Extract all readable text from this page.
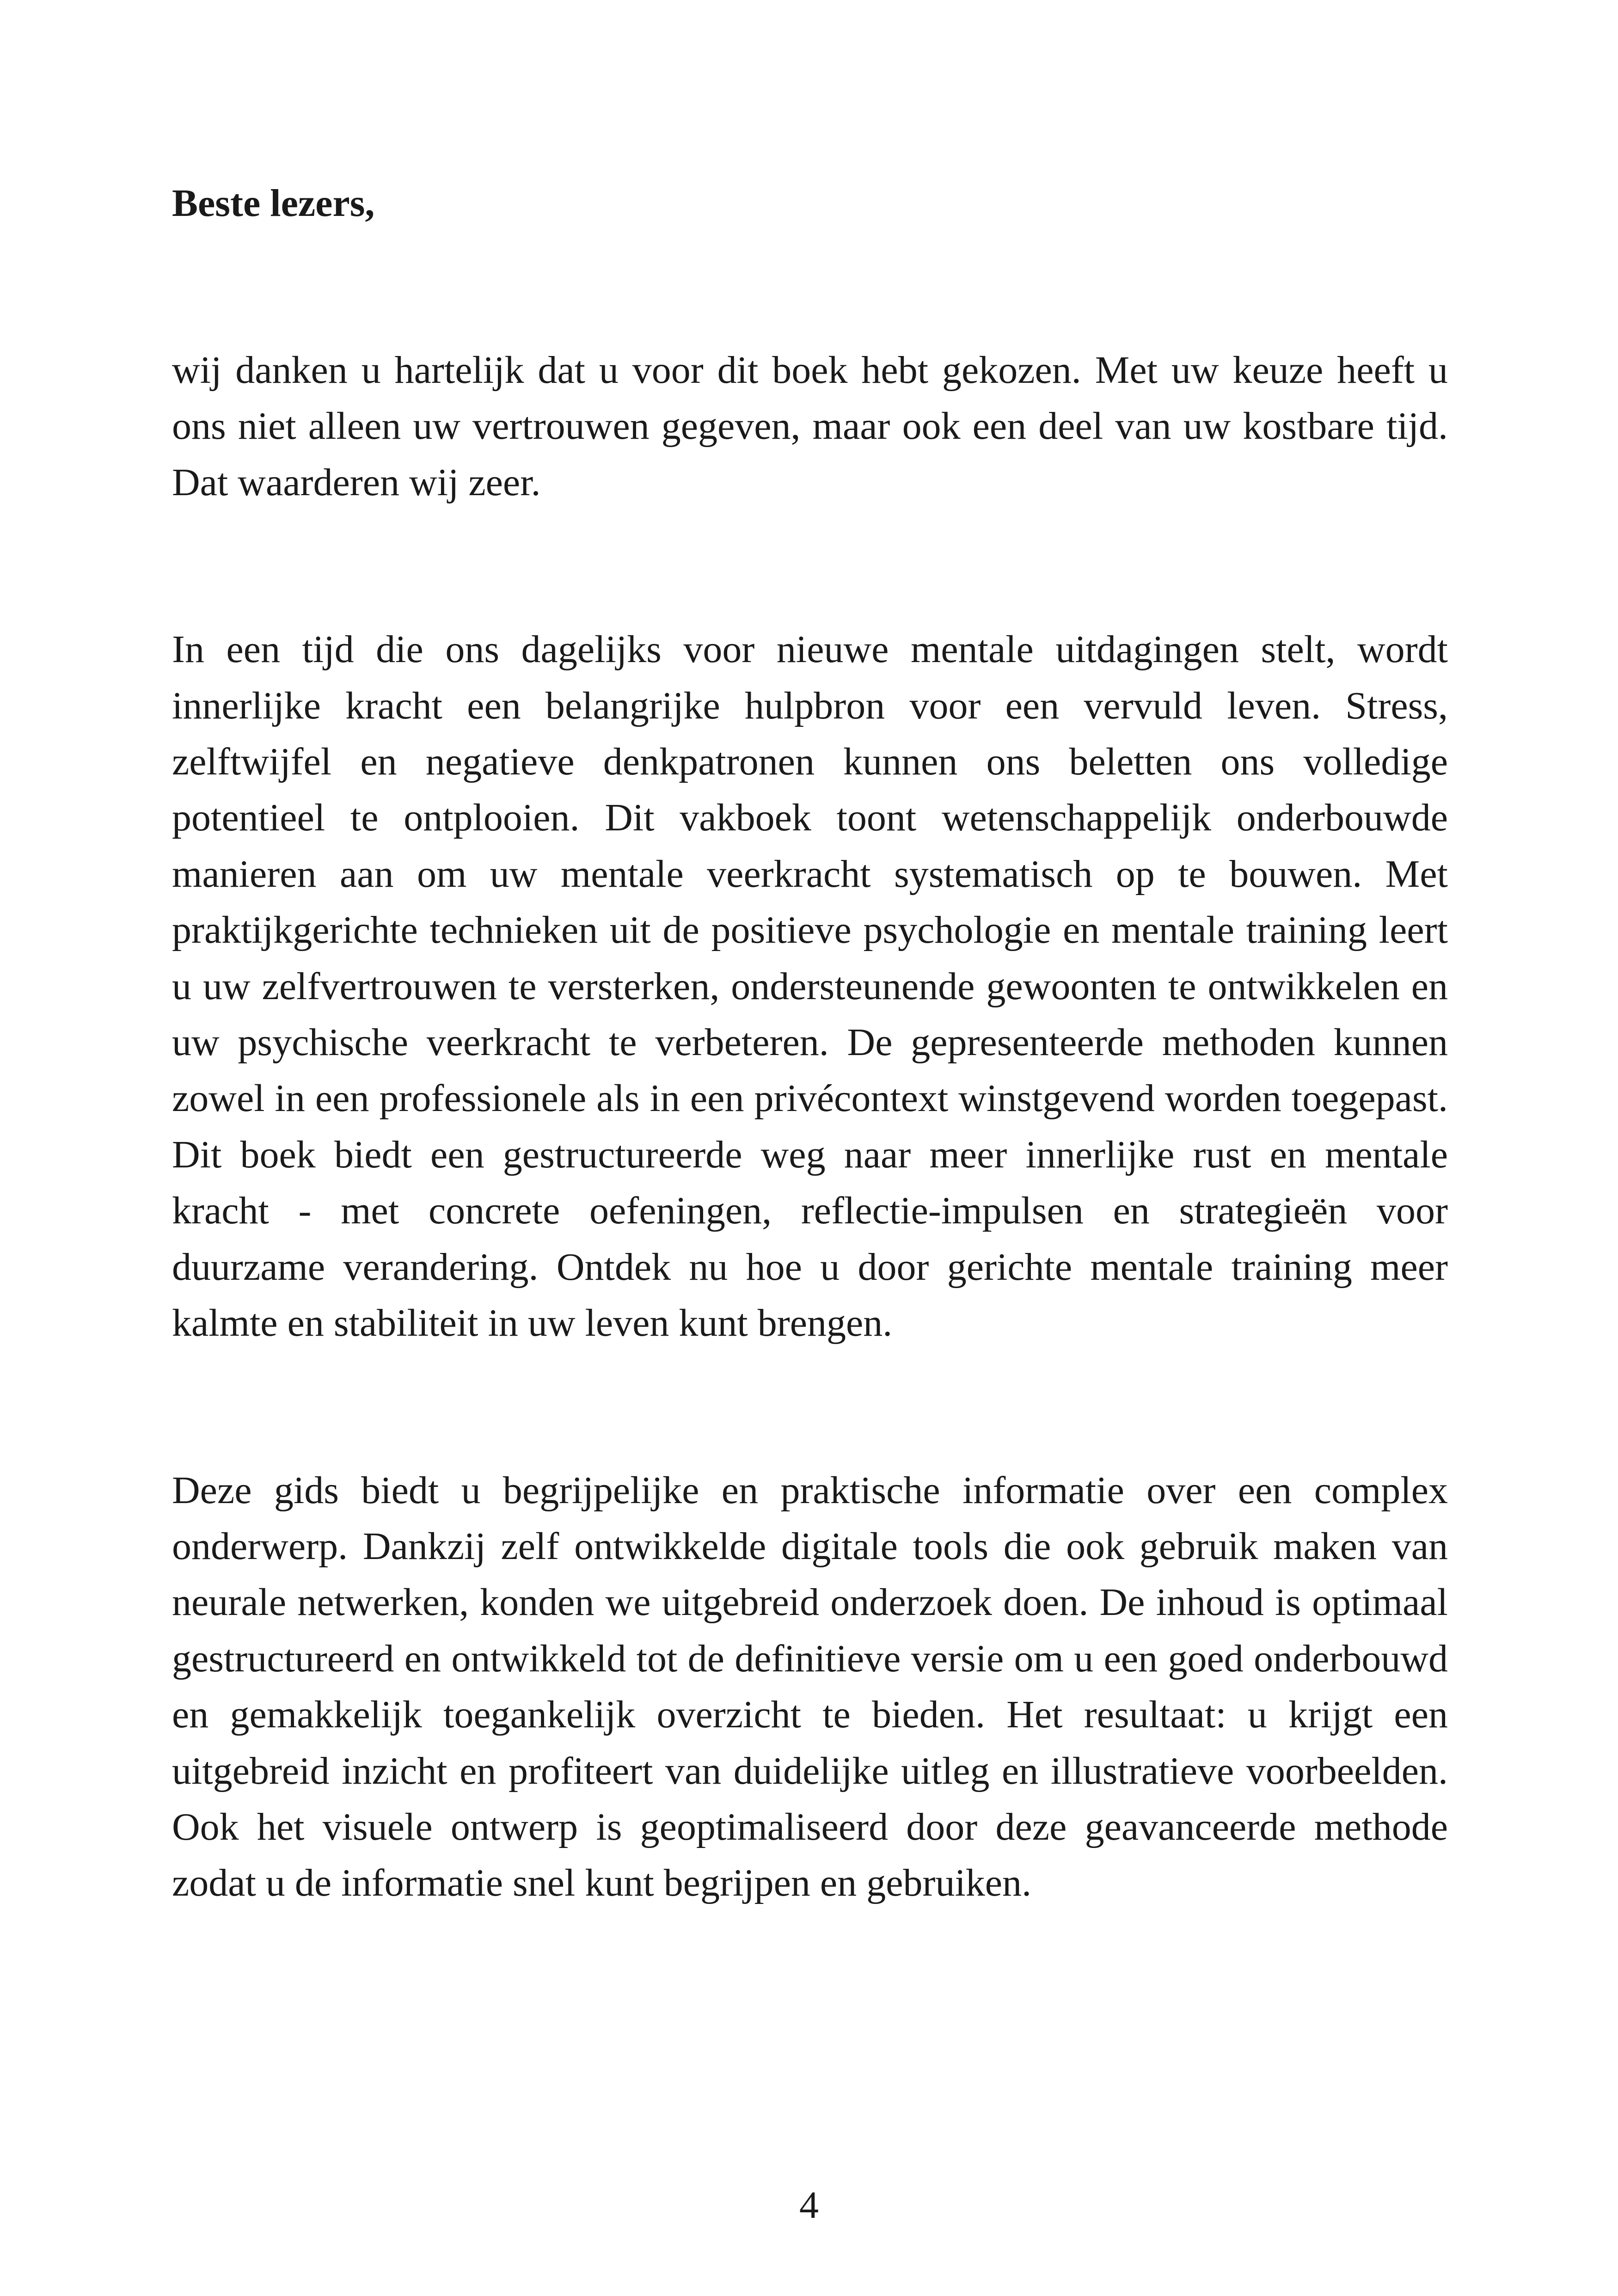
Beste lezers,

wij danken u hartelijk dat u voor dit boek hebt gekozen. Met uw keuze heeft u ons niet alleen uw vertrouwen gegeven, maar ook een deel van uw kostbare tijd. Dat waarderen wij zeer.

In een tijd die ons dagelijks voor nieuwe mentale uitdagingen stelt, wordt innerlijke kracht een belangrijke hulpbron voor een vervuld leven. Stress, zelftwijfel en negatieve denkpatronen kunnen ons beletten ons volledige potentieel te ontplooien. Dit vakboek toont wetenschappelijk onderbouwde manieren aan om uw mentale veerkracht systematisch op te bouwen. Met praktijkgerichte technieken uit de positieve psychologie en mentale training leert u uw zelfvertrouwen te versterken, ondersteunende gewoonten te ontwikkelen en uw psychische veerkracht te verbeteren. De gepresenteerde methoden kunnen zowel in een professionele als in een privécontext winstgevend worden toegepast. Dit boek biedt een gestructureerde weg naar meer innerlijke rust en mentale kracht - met concrete oefeningen, reflectie-impulsen en strategieën voor duurzame verandering. Ontdek nu hoe u door gerichte mentale training meer kalmte en stabiliteit in uw leven kunt brengen.

Deze gids biedt u begrijpelijke en praktische informatie over een complex onderwerp. Dankzij zelf ontwikkelde digitale tools die ook gebruik maken van neurale netwerken, konden we uitgebreid onderzoek doen. De inhoud is optimaal gestructureerd en ontwikkeld tot de definitieve versie om u een goed onderbouwd en gemakkelijk toegankelijk overzicht te bieden. Het resultaat: u krijgt een uitgebreid inzicht en profiteert van duidelijke uitleg en illustratieve voorbeelden. Ook het visuele ontwerp is geoptimaliseerd door deze geavanceerde methode zodat u de informatie snel kunt begrijpen en gebruiken.

4
